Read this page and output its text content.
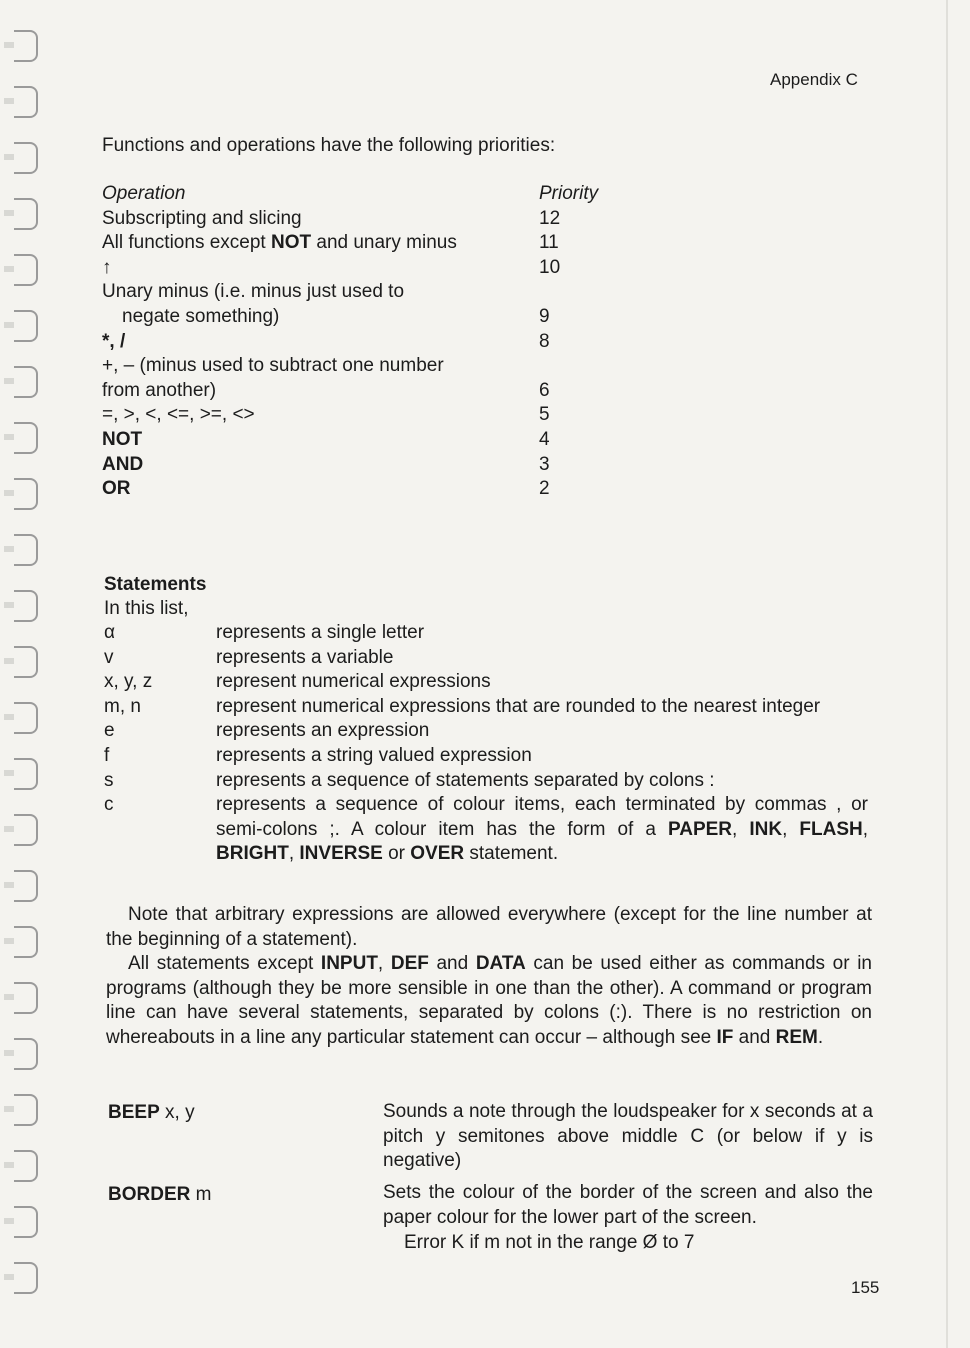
Appendix C
Functions and operations have the following priorities:
Operation	Priority
Subscripting and slicing	12
All functions except NOT and unary minus	11
↑	10
Unary minus (i.e. minus just used to
negate something)	9
*, /	8
+, – (minus used to subtract one number
from another)	6
=, >, <, <=, >=, <>	5
NOT	4
AND	3
OR	2
Statements
In this list,
α	represents a single letter
v	represents a variable
x, y, z	represent numerical expressions
m, n	represent numerical expressions that are rounded to the nearest integer
e	represents an expression
f	represents a string valued expression
s	represents a sequence of statements separated by colons :
c	represents a sequence of colour items, each terminated by commas , or semi-colons ;. A colour item has the form of a PAPER, INK, FLASH, BRIGHT, INVERSE or OVER statement.
Note that arbitrary expressions are allowed everywhere (except for the line number at the beginning of a statement).
All statements except INPUT, DEF and DATA can be used either as commands or in programs (although they be more sensible in one than the other). A command or program line can have several statements, separated by colons (:). There is no restriction on whereabouts in a line any particular statement can occur – although see IF and REM.
BEEP x, y	Sounds a note through the loudspeaker for x seconds at a pitch y semitones above middle C (or below if y is negative)
BORDER m	Sets the colour of the border of the screen and also the paper colour for the lower part of the screen.
Error K if m not in the range Ø to 7
155
